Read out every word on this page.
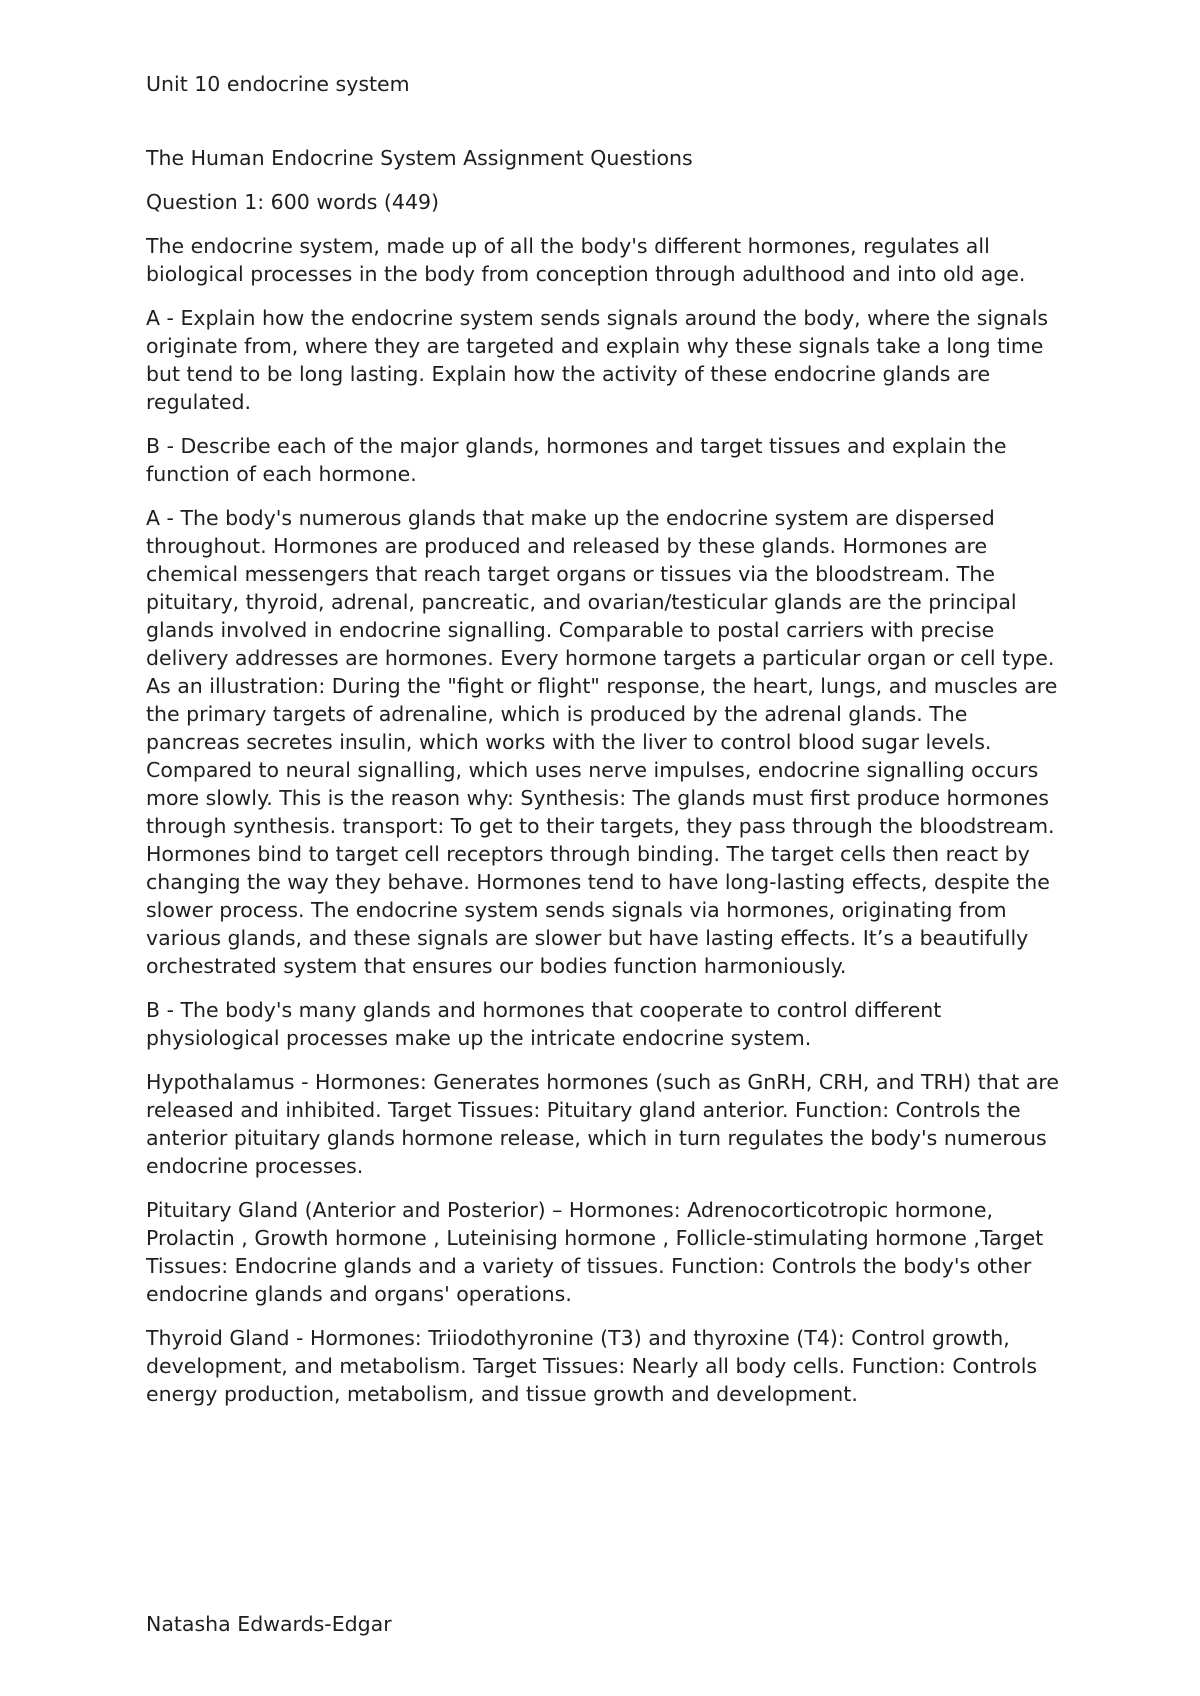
Unit 10 endocrine system

The Human Endocrine System Assignment Questions

Question 1: 600 words (449)

The endocrine system, made up of all the body's different hormones, regulates all biological processes in the body from conception through adulthood and into old age.

A - Explain how the endocrine system sends signals around the body, where the signals originate from, where they are targeted and explain why these signals take a long time but tend to be long lasting. Explain how the activity of these endocrine glands are regulated.

B - Describe each of the major glands, hormones and target tissues and explain the function of each hormone.

A - The body's numerous glands that make up the endocrine system are dispersed throughout. Hormones are produced and released by these glands. Hormones are chemical messengers that reach target organs or tissues via the bloodstream. The pituitary, thyroid, adrenal, pancreatic, and ovarian/testicular glands are the principal glands involved in endocrine signalling. Comparable to postal carriers with precise delivery addresses are hormones. Every hormone targets a particular organ or cell type. As an illustration: During the "fight or flight" response, the heart, lungs, and muscles are the primary targets of adrenaline, which is produced by the adrenal glands. The pancreas secretes insulin, which works with the liver to control blood sugar levels. Compared to neural signalling, which uses nerve impulses, endocrine signalling occurs more slowly. This is the reason why: Synthesis: The glands must first produce hormones through synthesis. transport: To get to their targets, they pass through the bloodstream. Hormones bind to target cell receptors through binding. The target cells then react by changing the way they behave. Hormones tend to have long-lasting effects, despite the slower process. The endocrine system sends signals via hormones, originating from various glands, and these signals are slower but have lasting effects. It’s a beautifully orchestrated system that ensures our bodies function harmoniously.

B - The body's many glands and hormones that cooperate to control different physiological processes make up the intricate endocrine system.

Hypothalamus - Hormones: Generates hormones (such as GnRH, CRH, and TRH) that are released and inhibited. Target Tissues: Pituitary gland anterior. Function: Controls the anterior pituitary glands hormone release, which in turn regulates the body's numerous endocrine processes.

Pituitary Gland (Anterior and Posterior) – Hormones: Adrenocorticotropic hormone, Prolactin , Growth hormone , Luteinising hormone , Follicle-stimulating hormone ,Target Tissues: Endocrine glands and a variety of tissues. Function: Controls the body's other endocrine glands and organs' operations.

Thyroid Gland - Hormones: Triiodothyronine (T3) and thyroxine (T4): Control growth, development, and metabolism. Target Tissues: Nearly all body cells. Function: Controls energy production, metabolism, and tissue growth and development.

Natasha Edwards-Edgar
